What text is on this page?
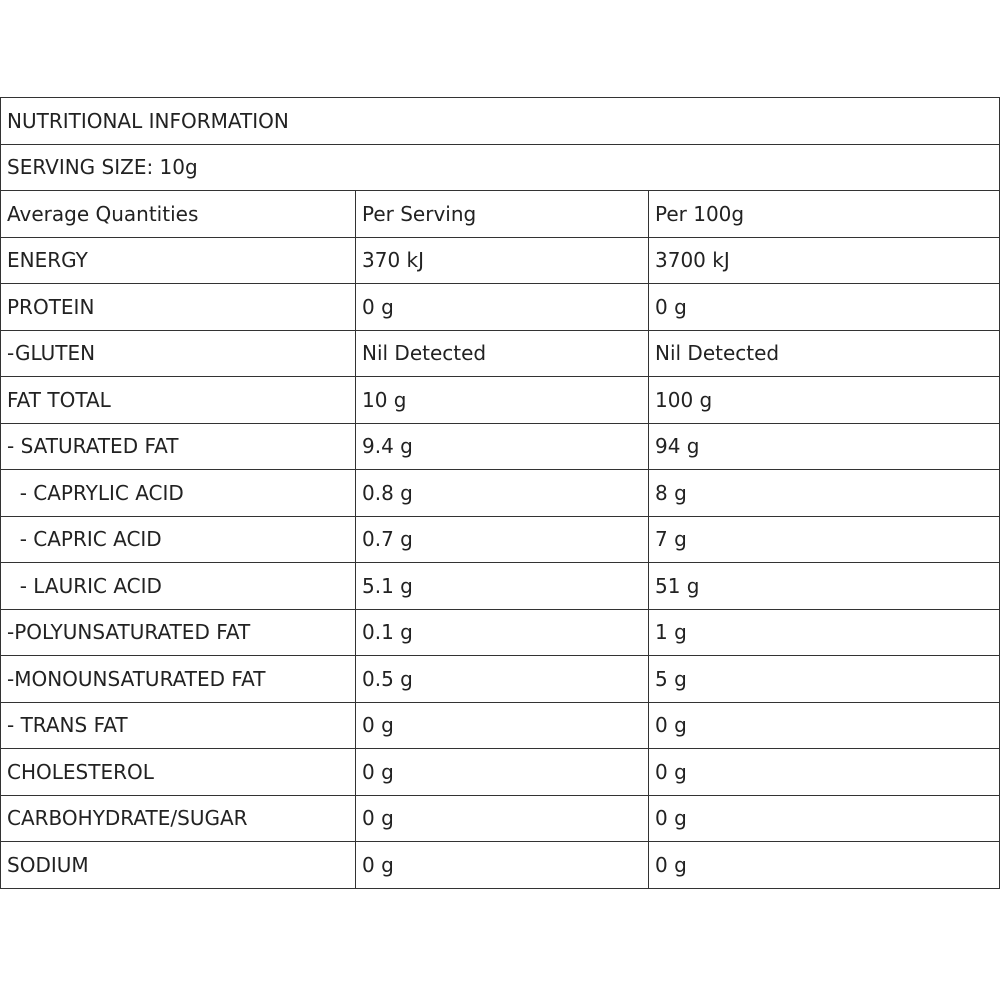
NUTRITIONAL INFORMATION		
SERVING SIZE: 10g		
Average Quantities	Per Serving	Per 100g
ENERGY	370 kJ	3700 kJ
PROTEIN	0 g	0 g
-GLUTEN	Nil Detected	Nil Detected
FAT TOTAL	10 g	100 g
- SATURATED FAT	9.4 g	94 g
- CAPRYLIC ACID	0.8 g	8 g
- CAPRIC ACID	0.7 g	7 g
- LAURIC ACID	5.1 g	51 g
-POLYUNSATURATED FAT	0.1 g	1 g
-MONOUNSATURATED FAT	0.5 g	5 g
- TRANS FAT	0 g	0 g
CHOLESTEROL	0 g	0 g
CARBOHYDRATE/SUGAR	0 g	0 g
SODIUM	0 g	0 g
